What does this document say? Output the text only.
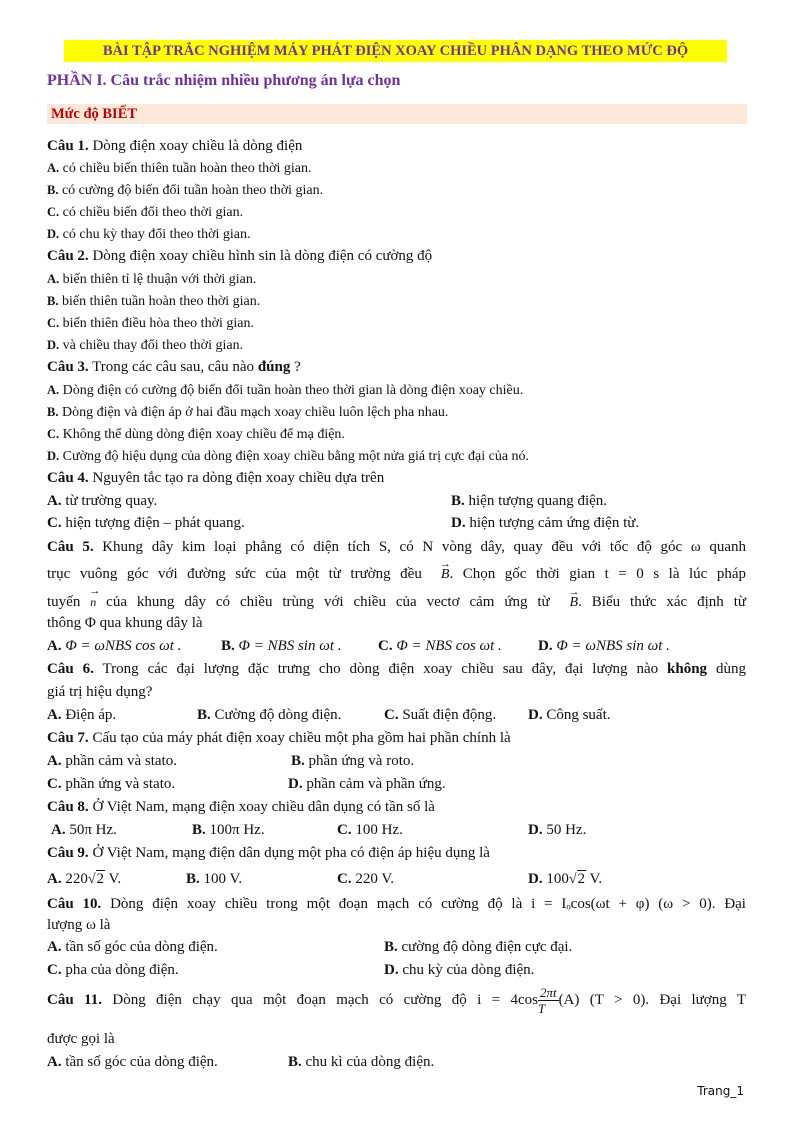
BÀI TẬP TRẮC NGHIỆM MÁY PHÁT ĐIỆN XOAY CHIỀU PHÂN DẠNG THEO MỨC ĐỘ
PHẦN I. Câu trắc nhiệm nhiều phương án lựa chọn
Mức độ BIẾT
Câu 1. Dòng điện xoay chiều là dòng điện
A. có chiều biến thiên tuần hoàn theo thời gian.
B. có cường độ biến đổi tuần hoàn theo thời gian.
C. có chiều biến đổi theo thời gian.
D. có chu kỳ thay đổi theo thời gian.
Câu 2. Dòng điện xoay chiều hình sin là dòng điện có cường độ
A. biến thiên tỉ lệ thuận với thời gian.
B. biến thiên tuần hoàn theo thời gian.
C. biến thiên điều hòa theo thời gian.
D. và chiều thay đổi theo thời gian.
Câu 3. Trong các câu sau, câu nào đúng ?
A. Dòng điện có cường độ biến đổi tuần hoàn theo thời gian là dòng điện xoay chiều.
B. Dòng điện và điện áp ở hai đầu mạch xoay chiều luôn lệch pha nhau.
C. Không thể dùng dòng điện xoay chiều để mạ điện.
D. Cường độ hiệu dụng của dòng điện xoay chiều bằng một nửa giá trị cực đại của nó.
Câu 4. Nguyên tắc tạo ra dòng điện xoay chiều dựa trên
A. từ trường quay.	B. hiện tượng quang điện.
C. hiện tượng điện – phát quang.	D. hiện tượng cảm ứng điện từ.
Câu 5. Khung dây kim loại phẳng có diện tích S, có N vòng dây, quay đều với tốc độ góc ω quanh
trục vuông góc với đường sức của một từ trường đều → B. Chọn gốc thời gian t = 0 s là lúc pháp
tuyến → n của khung dây có chiều trùng với chiều của vectơ cảm ứng từ → B. Biểu thức xác định từ
thông Φ qua khung dây là
A. Φ = ωNBS cos ωt .	B. Φ = NBS sin ωt . C. Φ = NBS cos ωt . D. Φ = ωNBS sin ωt .
Câu 6. Trong các đại lượng đặc trưng cho dòng điện xoay chiều sau đây, đại lượng nào không dùng
giá trị hiệu dụng?
A. Điện áp.	B. Cường độ dòng điện.	C. Suất điện động. D. Công suất.
Câu 7. Cấu tạo của máy phát điện xoay chiều một pha gồm hai phần chính là
A. phần cảm và stato.	B. phần ứng và roto.
C. phần ứng và stato.	D. phần cảm và phần ứng.
Câu 8. Ở Việt Nam, mạng điện xoay chiều dân dụng có tần số là
A. 50π Hz.	B. 100π Hz.	C. 100 Hz.	D. 50 Hz.
Câu 9. Ở Việt Nam, mạng điện dân dụng một pha có điện áp hiệu dụng là
A. 220√2 V.	B. 100 V.	C. 220 V.	D. 100√2 V.
Câu 10. Dòng điện xoay chiều trong một đoạn mạch có cường độ là i = Iₒcos(ωt + φ) (ω > 0). Đại
lượng ω là
A. tần số góc của dòng điện.	B. cường độ dòng điện cực đại.
C. pha của dòng điện.	D. chu kỳ của dòng điện.
Câu 11. Dòng điện chạy qua một đoạn mạch có cường độ $i = 4\cos \frac{2\pi t}{T} (A) (T > 0)$. Đại lượng T
được gọi là
A. tần số góc của dòng điện.	B. chu kì của dòng điện.
Trang_1
